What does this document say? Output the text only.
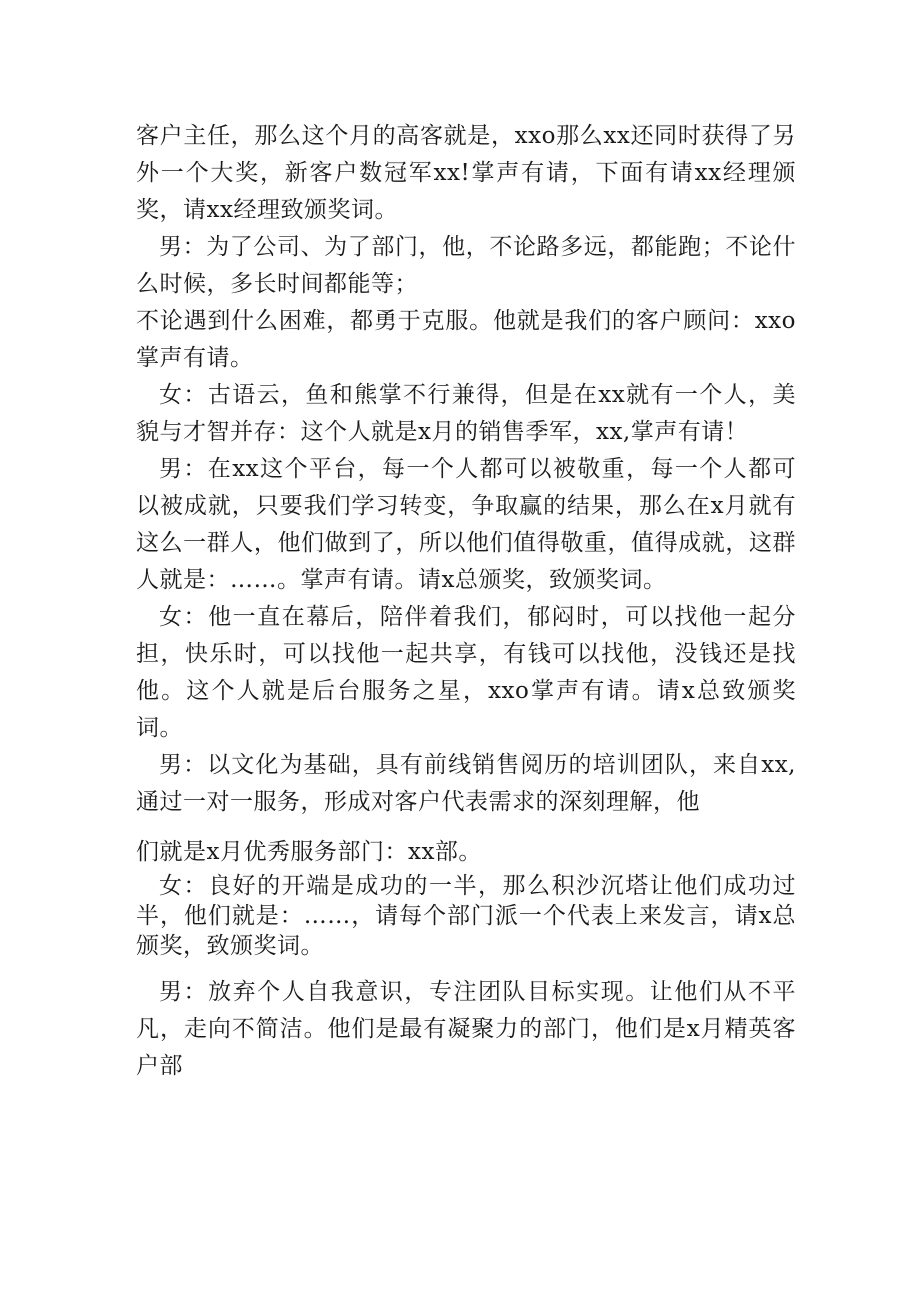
客户主任，那么这个月的高客就是，xxo那么xx还同时获得了另外一个大奖，新客户数冠军xx!掌声有请，下面有请xx经理颁奖，请xx经理致颁奖词。

男：为了公司、为了部门，他，不论路多远，都能跑；不论什么时候，多长时间都能等；

不论遇到什么困难，都勇于克服。他就是我们的客户顾问：xxo掌声有请。

女：古语云，鱼和熊掌不行兼得，但是在xx就有一个人，美貌与才智并存：这个人就是x月的销售季军，xx,掌声有请！

男：在xx这个平台，每一个人都可以被敬重，每一个人都可以被成就，只要我们学习转变，争取赢的结果，那么在x月就有这么一群人，他们做到了，所以他们值得敬重，值得成就，这群人就是：……。掌声有请。请x总颁奖，致颁奖词。

女：他一直在幕后，陪伴着我们，郁闷时，可以找他一起分担，快乐时，可以找他一起共享，有钱可以找他，没钱还是找他。这个人就是后台服务之星，xxo掌声有请。请x总致颁奖词。

男：以文化为基础，具有前线销售阅历的培训团队，来自xx,通过一对一服务，形成对客户代表需求的深刻理解，他

们就是x月优秀服务部门：xx部。

女：良好的开端是成功的一半，那么积沙沉塔让他们成功过半，他们就是：……，请每个部门派一个代表上来发言，请x总颁奖，致颁奖词。

男：放弃个人自我意识，专注团队目标实现。让他们从不平凡，走向不简洁。他们是最有凝聚力的部门，他们是x月精英客户部
